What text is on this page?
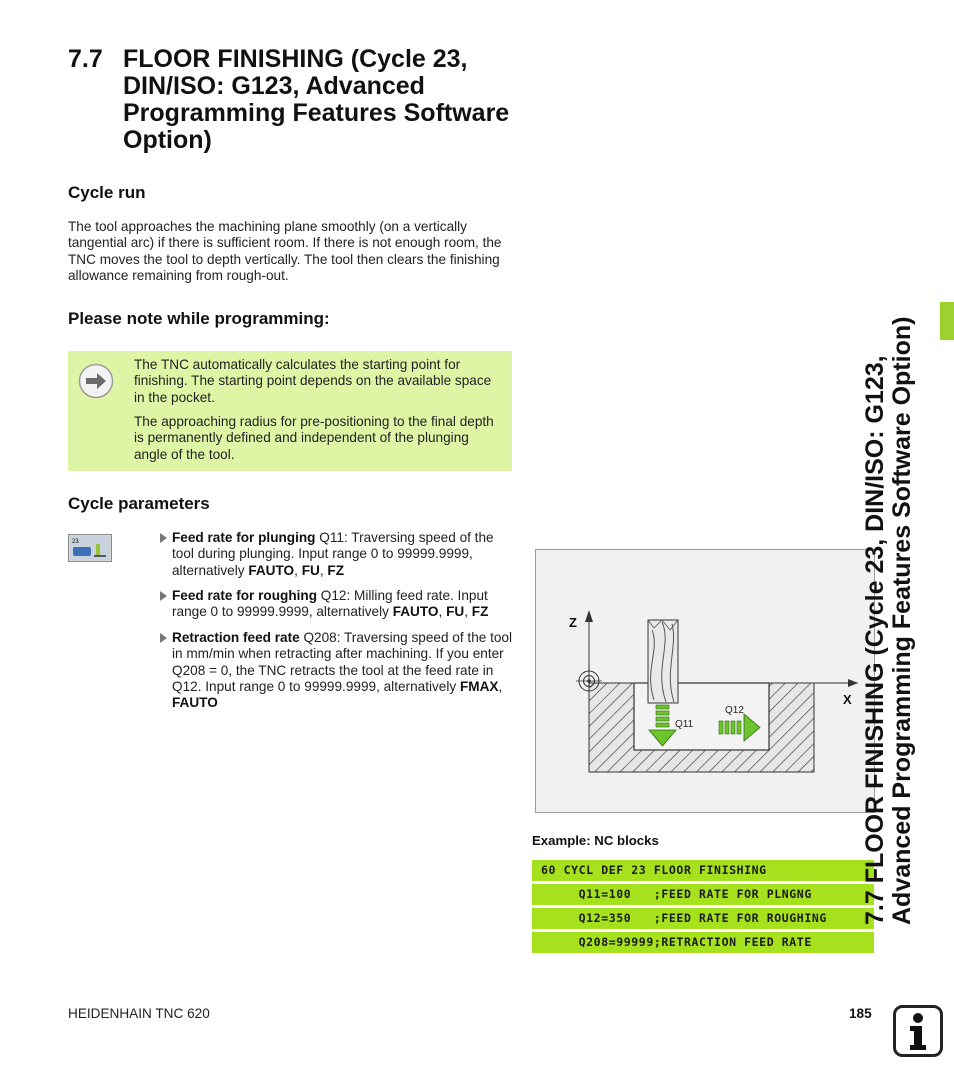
7.7 FLOOR FINISHING (Cycle 23, DIN/ISO: G123, Advanced Programming Features Software Option)
Cycle run
The tool approaches the machining plane smoothly (on a vertically tangential arc) if there is sufficient room. If there is not enough room, the TNC moves the tool to depth vertically. The tool then clears the finishing allowance remaining from rough-out.
Please note while programming:

The TNC automatically calculates the starting point for finishing. The starting point depends on the available space in the pocket.

The approaching radius for pre-positioning to the final depth is permanently defined and independent of the plunging angle of the tool.

Cycle parameters
23	Feed rate for plunging Q11: Traversing speed of the tool during plunging. Input range 0 to 99999.9999, alternatively FAUTO, FU, FZ
Feed rate for roughing Q12: Milling feed rate. Input range 0 to 99999.9999, alternatively FAUTO, FU, FZ
Retraction feed rate Q208: Traversing speed of the tool in mm/min when retracting after machining. If you enter Q208 = 0, the TNC retracts the tool at the feed rate in Q12. Input range 0 to 99999.9999, alternatively FMAX, FAUTO
Z
X
Q11
Q12
Example: NC blocks
60 CYCL DEF 23 FLOOR FINISHING
Q11=100   ;FEED RATE FOR PLNGNG
Q12=350   ;FEED RATE FOR ROUGHING
Q208=99999;RETRACTION FEED RATE
7.7 FLOOR FINISHING (Cycle 23, DIN/ISO: G123, Advanced Programming Features Software Option)
HEIDENHAIN TNC 620	185
